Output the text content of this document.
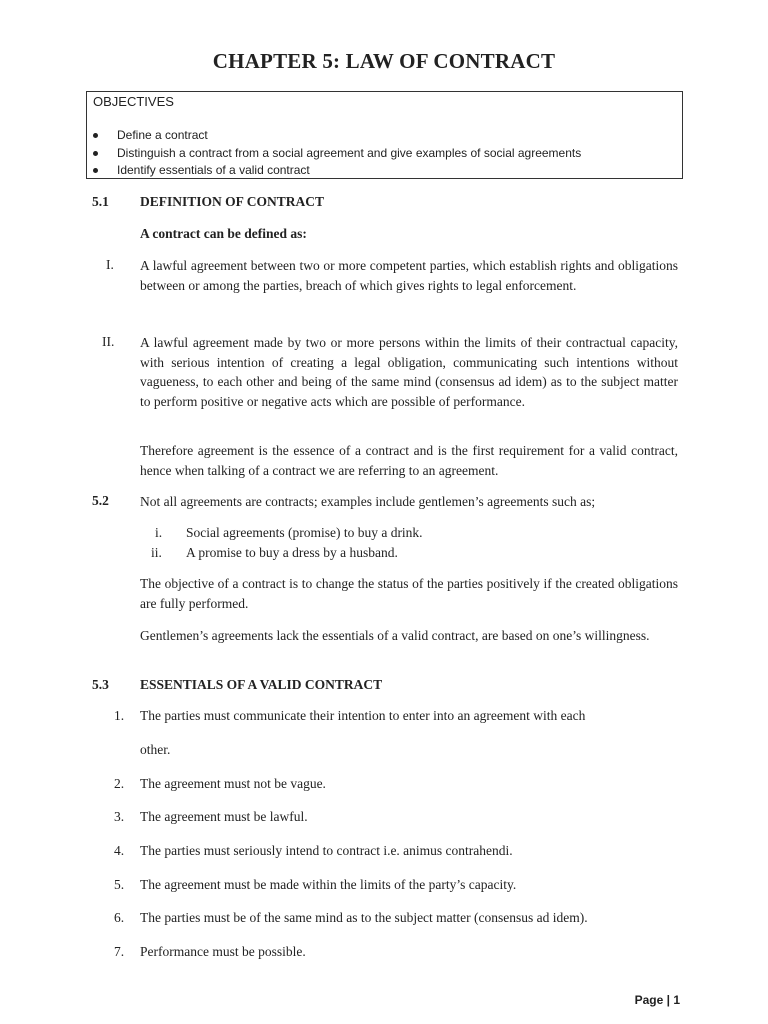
CHAPTER 5: LAW OF CONTRACT
OBJECTIVES
Define a contract
Distinguish a contract from a social agreement and give examples of social agreements
Identify essentials of a valid contract
5.1 DEFINITION OF CONTRACT
A contract can be defined as:
I. A lawful agreement between two or more competent parties, which establish rights and obligations between or among the parties, breach of which gives rights to legal enforcement.
II. A lawful agreement made by two or more persons within the limits of their contractual capacity, with serious intention of creating a legal obligation, communicating such intentions without vagueness, to each other and being of the same mind (consensus ad idem) as to the subject matter to perform positive or negative acts which are possible of performance.
Therefore agreement is the essence of a contract and is the first requirement for a valid contract, hence when talking of a contract we are referring to an agreement.
5.2 Not all agreements are contracts; examples include gentlemen’s agreements such as;
i. Social agreements (promise) to buy a drink.
ii. A promise to buy a dress by a husband.
The objective of a contract is to change the status of the parties positively if the created obligations are fully performed.
Gentlemen’s agreements lack the essentials of a valid contract, are based on one’s willingness.
5.3 ESSENTIALS OF A VALID CONTRACT
1. The parties must communicate their intention to enter into an agreement with each
other.
2. The agreement must not be vague.
3. The agreement must be lawful.
4. The parties must seriously intend to contract i.e. animus contrahendi.
5. The agreement must be made within the limits of the party’s capacity.
6. The parties must be of the same mind as to the subject matter (consensus ad idem).
7. Performance must be possible.
Page | 1
